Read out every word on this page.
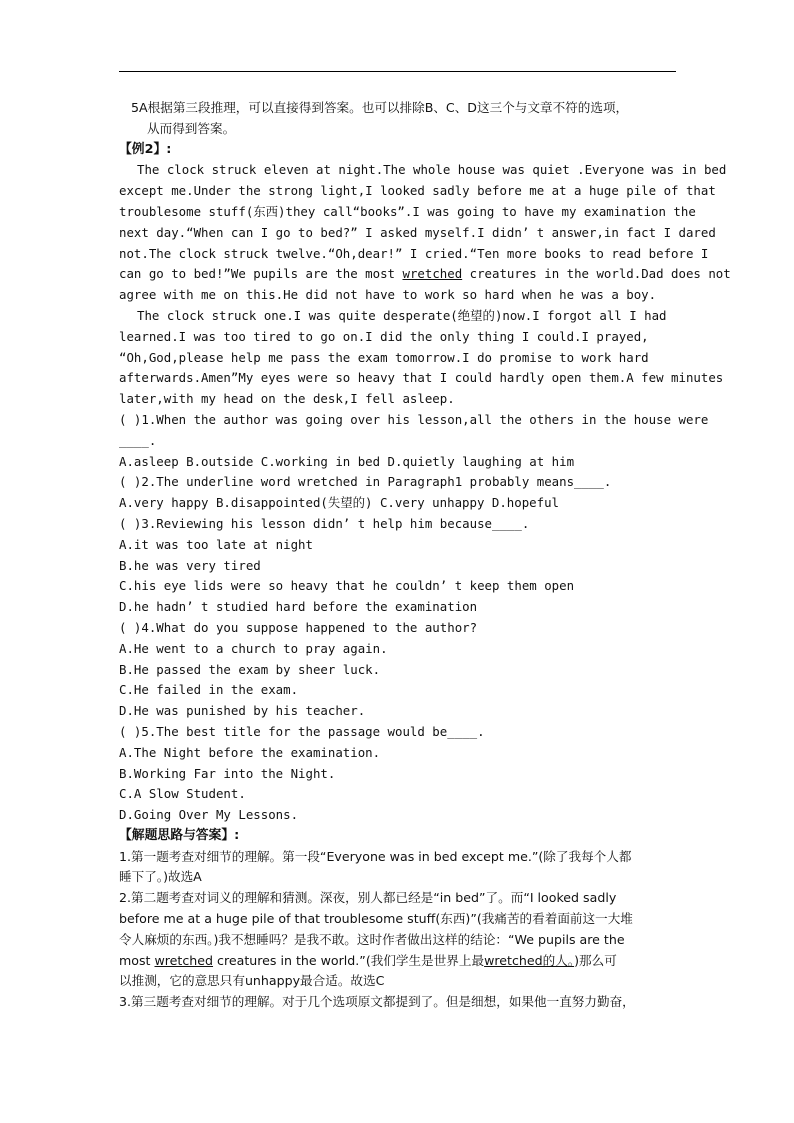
5A根据第三段推理，可以直接得到答案。也可以排除B、C、D这三个与文章不符的选项，
从而得到答案。
【例2】:
The clock struck eleven at night.The whole house was quiet .Everyone was in bed
except me.Under the strong light,I looked sadly before me at a huge pile of that
troublesome stuff(东西)they call“books”.I was going to have my examination the
next day.“When can I go to bed?” I asked myself.I didn’ t answer,in fact I dared
not.The clock struck twelve.“Oh,dear!” I cried.“Ten more books to read before I
can go to bed!”We pupils are the most wretched creatures in the world.Dad does not
agree with me on this.He did not have to work so hard when he was a boy.
The clock struck one.I was quite desperate(绝望的)now.I forgot all I had
learned.I was too tired to go on.I did the only thing I could.I prayed,
“Oh,God,please help me pass the exam tomorrow.I do promise to work hard
afterwards.Amen”My eyes were so heavy that I could hardly open them.A few minutes
later,with my head on the desk,I fell asleep.
( )1.When the author was going over his lesson,all the others in the house were
____.
A.asleep B.outside C.working in bed D.quietly laughing at him
( )2.The underline word wretched in Paragraph1 probably means____.
A.very happy B.disappointed(失望的) C.very unhappy D.hopeful
( )3.Reviewing his lesson didn’ t help him because____.
A.it was too late at night
B.he was very tired
C.his eye lids were so heavy that he couldn’ t keep them open
D.he hadn’ t studied hard before the examination
( )4.What do you suppose happened to the author?
A.He went to a church to pray again.
B.He passed the exam by sheer luck.
C.He failed in the exam.
D.He was punished by his teacher.
( )5.The best title for the passage would be____.
A.The Night before the examination.
B.Working Far into the Night.
C.A Slow Student.
D.Going Over My Lessons.
【解题思路与答案】:
1.第一题考查对细节的理解。第一段“Everyone was in bed except me.”(除了我每个人都
睡下了。)故选A
2.第二题考查对词义的理解和猜测。深夜，别人都已经是“in bed”了。而“I looked sadly
before me at a huge pile of that troublesome stuff(东西)”(我痛苦的看着面前这一大堆
令人麻烦的东西。)我不想睡吗？是我不敢。这时作者做出这样的结论：“We pupils are the
most wretched creatures in the world.”(我们学生是世界上最wretched的人。)那么可
以推测，它的意思只有unhappy最合适。故选C
3.第三题考查对细节的理解。对于几个选项原文都提到了。但是细想，如果他一直努力勤奋，
